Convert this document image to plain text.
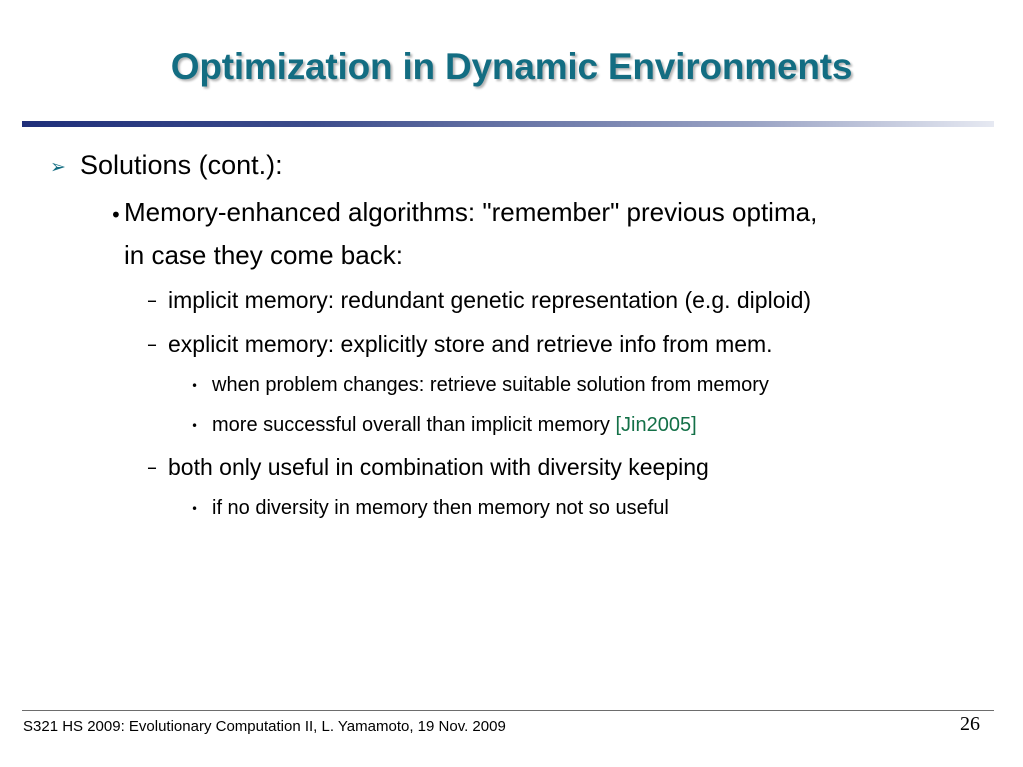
Optimization in Dynamic Environments
➢ Solutions (cont.):
• Memory-enhanced algorithms: "remember" previous optima,
in case they come back:
– implicit memory: redundant genetic representation (e.g. diploid)
– explicit memory: explicitly store and retrieve info from mem.
• when problem changes: retrieve suitable solution from memory
• more successful overall than implicit memory [Jin2005]
– both only useful in combination with diversity keeping
• if no diversity in memory then memory not so useful
S321 HS 2009: Evolutionary Computation II, L. Yamamoto, 19 Nov. 2009	26
